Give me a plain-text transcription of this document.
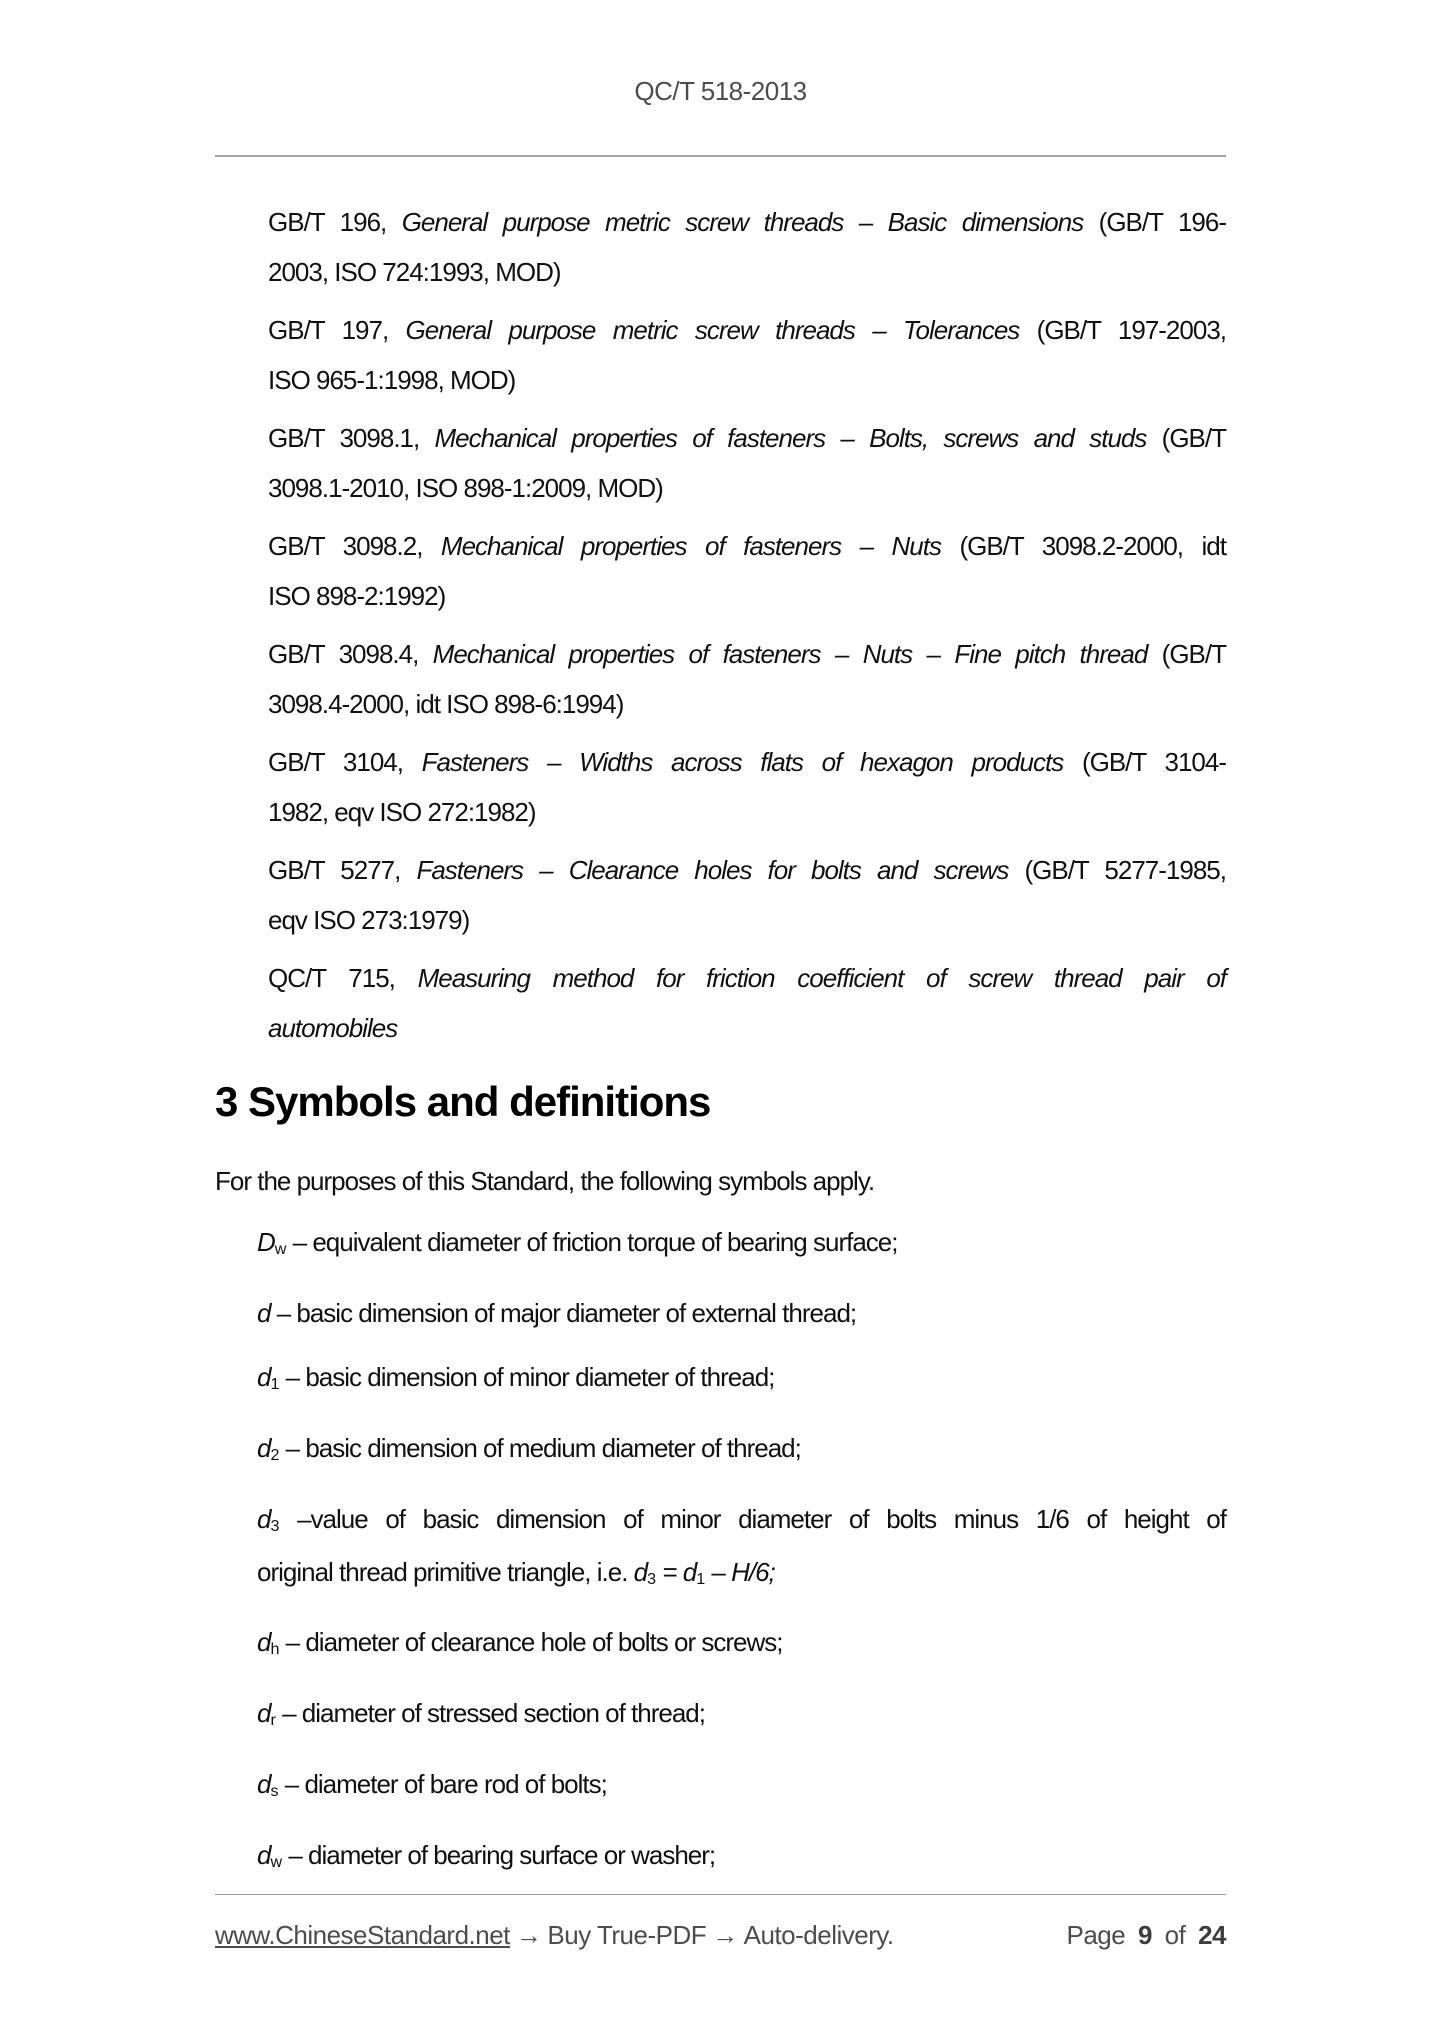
QC/T 518-2013
GB/T 196, General purpose metric screw threads – Basic dimensions (GB/T 196-
2003, ISO 724:1993, MOD)
GB/T 197, General purpose metric screw threads – Tolerances (GB/T 197-2003,
ISO 965-1:1998, MOD)
GB/T 3098.1, Mechanical properties of fasteners – Bolts, screws and studs (GB/T
3098.1-2010, ISO 898-1:2009, MOD)
GB/T 3098.2, Mechanical properties of fasteners – Nuts (GB/T 3098.2-2000, idt
ISO 898-2:1992)
GB/T 3098.4, Mechanical properties of fasteners – Nuts – Fine pitch thread (GB/T
3098.4-2000, idt ISO 898-6:1994)
GB/T 3104, Fasteners – Widths across flats of hexagon products (GB/T 3104-
1982, eqv ISO 272:1982)
GB/T 5277, Fasteners – Clearance holes for bolts and screws (GB/T 5277-1985,
eqv ISO 273:1979)
QC/T 715, Measuring method for friction coefficient of screw thread pair of
automobiles
3 Symbols and definitions

For the purposes of this Standard, the following symbols apply.

Dw – equivalent diameter of friction torque of bearing surface;
d – basic dimension of major diameter of external thread;
d1 – basic dimension of minor diameter of thread;
d2 – basic dimension of medium diameter of thread;
d3 –value of basic dimension of minor diameter of bolts minus 1/6 of height of
original thread primitive triangle, i.e. d3 = d1 – H/6;
dh – diameter of clearance hole of bolts or screws;
dr – diameter of stressed section of thread;
ds – diameter of bare rod of bolts;
dw – diameter of bearing surface or washer;
www.ChineseStandard.net → Buy True-PDF → Auto-delivery.	Page 9 of 24
